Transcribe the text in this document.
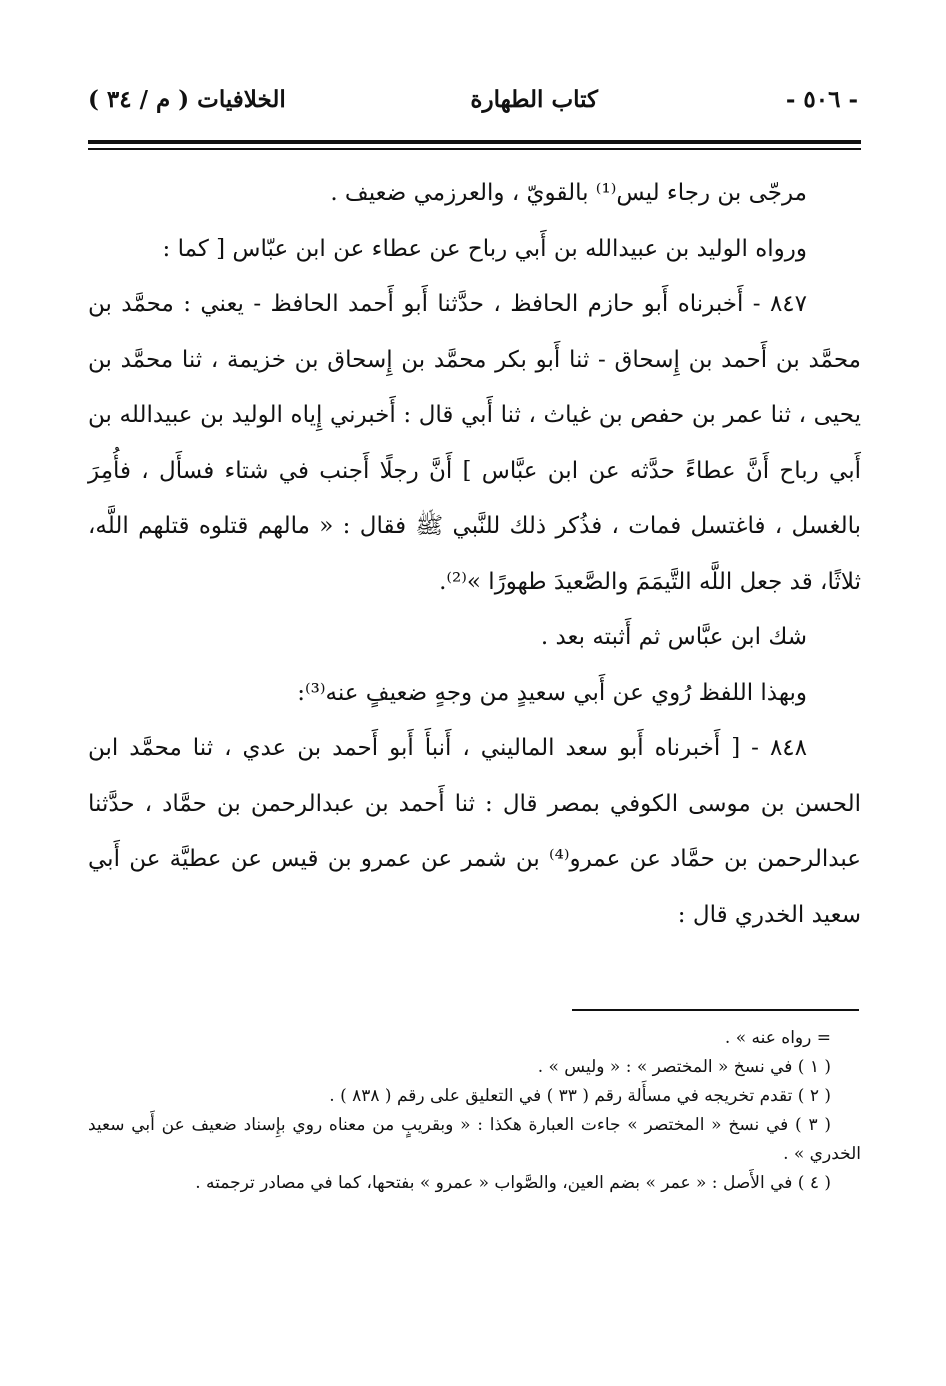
- ٥٠٦ -
كتاب الطهارة
الخلافيات ( م / ٣٤ )

مرجّى بن رجاء ليس⁽¹⁾ بالقويّ ، والعرزمي ضعيف .

ورواه الوليد بن عبيدالله بن أَبي رباح عن عطاء عن ابن عبّاس [ كما :

٨٤٧ - أَخبرناه أَبو حازم الحافظ ، حدَّثنا أَبو أَحمد الحافظ - يعني : محمَّد بن محمَّد بن أَحمد بن إِسحاق - ثنا أَبو بكر محمَّد بن إِسحاق بن خزيمة ، ثنا محمَّد بن يحيى ، ثنا عمر بن حفص بن غياث ، ثنا أَبي قال : أَخبرني إِياه الوليد بن عبيدالله بن أَبي رباح أَنَّ عطاءً حدَّثه عن ابن عبَّاس ] أَنَّ رجلًا أَجنب في شتاء فسأَل ، فأُمِرَ بالغسل ، فاغتسل فمات ، فذُكر ذلك للنَّبي ﷺ فقال : « مالهم قتلوه قتلهم اللَّه، ثلاثًا، قد جعل اللَّه التَّيمَمَ والصَّعيدَ طهورًا »⁽²⁾.

شك ابن عبَّاس ثم أَثبته بعد .

وبهذا اللفظ رُوي عن أَبي سعيدٍ من وجهٍ ضعيفٍ عنه⁽³⁾:

٨٤٨ - [ أَخبرناه أَبو سعد الماليني ، أَنبأَ أَبو أَحمد بن عدي ، ثنا محمَّد ابن الحسن بن موسى الكوفي بمصر قال : ثنا أَحمد بن عبدالرحمن بن حمَّاد ، حدَّثنا عبدالرحمن بن حمَّاد عن عمرو⁽⁴⁾ بن شمر عن عمرو بن قيس عن عطيَّة عن أَبي سعيد الخدري قال :

= رواه عنه » .

( ١ ) في نسخ « المختصر » : « وليس » .

( ٢ ) تقدم تخريجه في مسأَلة رقم ( ٣٣ ) في التعليق على رقم ( ٨٣٨ ) .

( ٣ ) في نسخ « المختصر » جاءت العبارة هكذا : « وبقريبٍ من معناه روي بإِسناد ضعيف عن أَبي سعيد الخدري » .

( ٤ ) في الأَصل : « عمر » بضم العين، والصَّواب « عمرو » بفتحها، كما في مصادر ترجمته .
